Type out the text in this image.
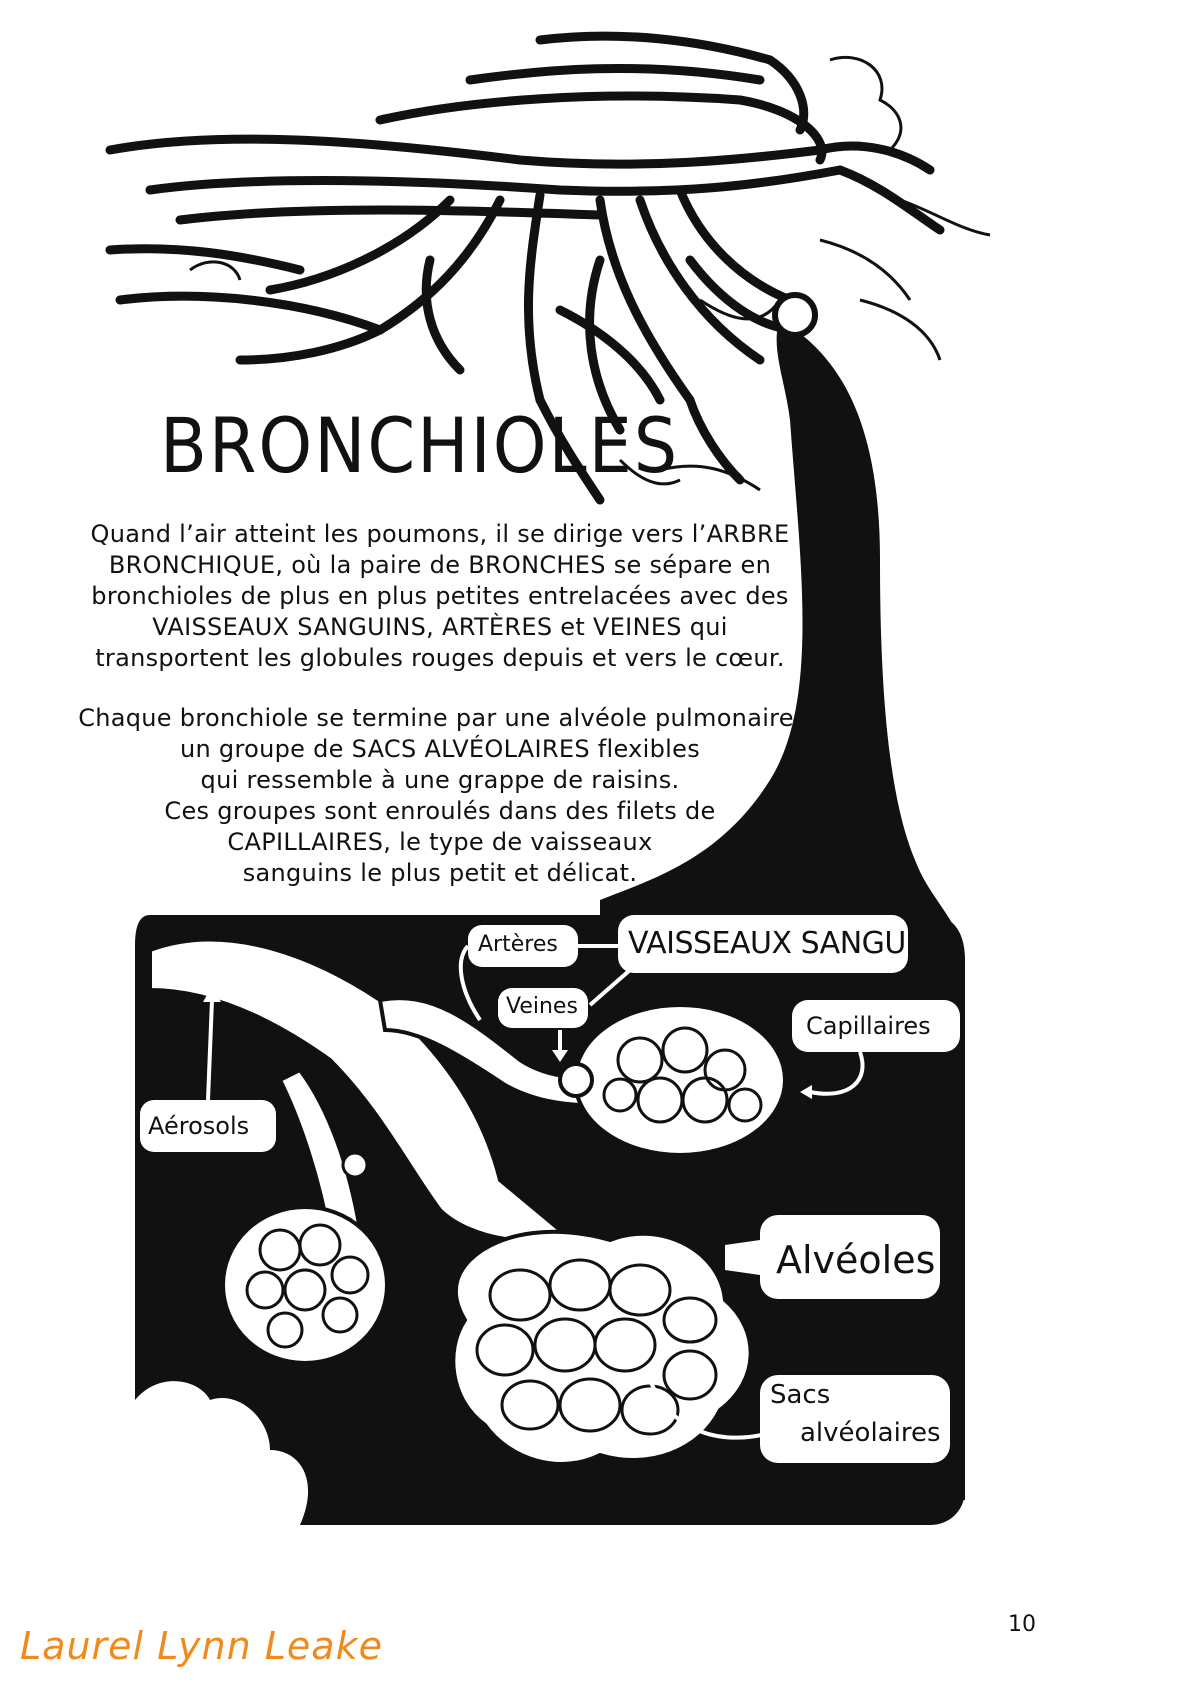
BRONCHIOLES
Quand l’air atteint les poumons, il se dirige vers l’ARBRE
BRONCHIQUE, où la paire de BRONCHES se sépare en
bronchioles de plus en plus petites entrelacées avec des
VAISSEAUX SANGUINS, ARTÈRES et VEINES qui
transportent les globules rouges depuis et vers le cœur.
Chaque bronchiole se termine par une alvéole pulmonaire,
un groupe de SACS ALVÉOLAIRES flexibles
qui ressemble à une grappe de raisins.
Ces groupes sont enroulés dans des filets de
CAPILLAIRES, le type de vaisseaux
sanguins le plus petit et délicat.
Artères VAISSEAUX SANGUINS
Veines
Capillaires
Aérosols
Alvéoles
Sacs
alvéolaires
10
Laurel Lynn Leake
